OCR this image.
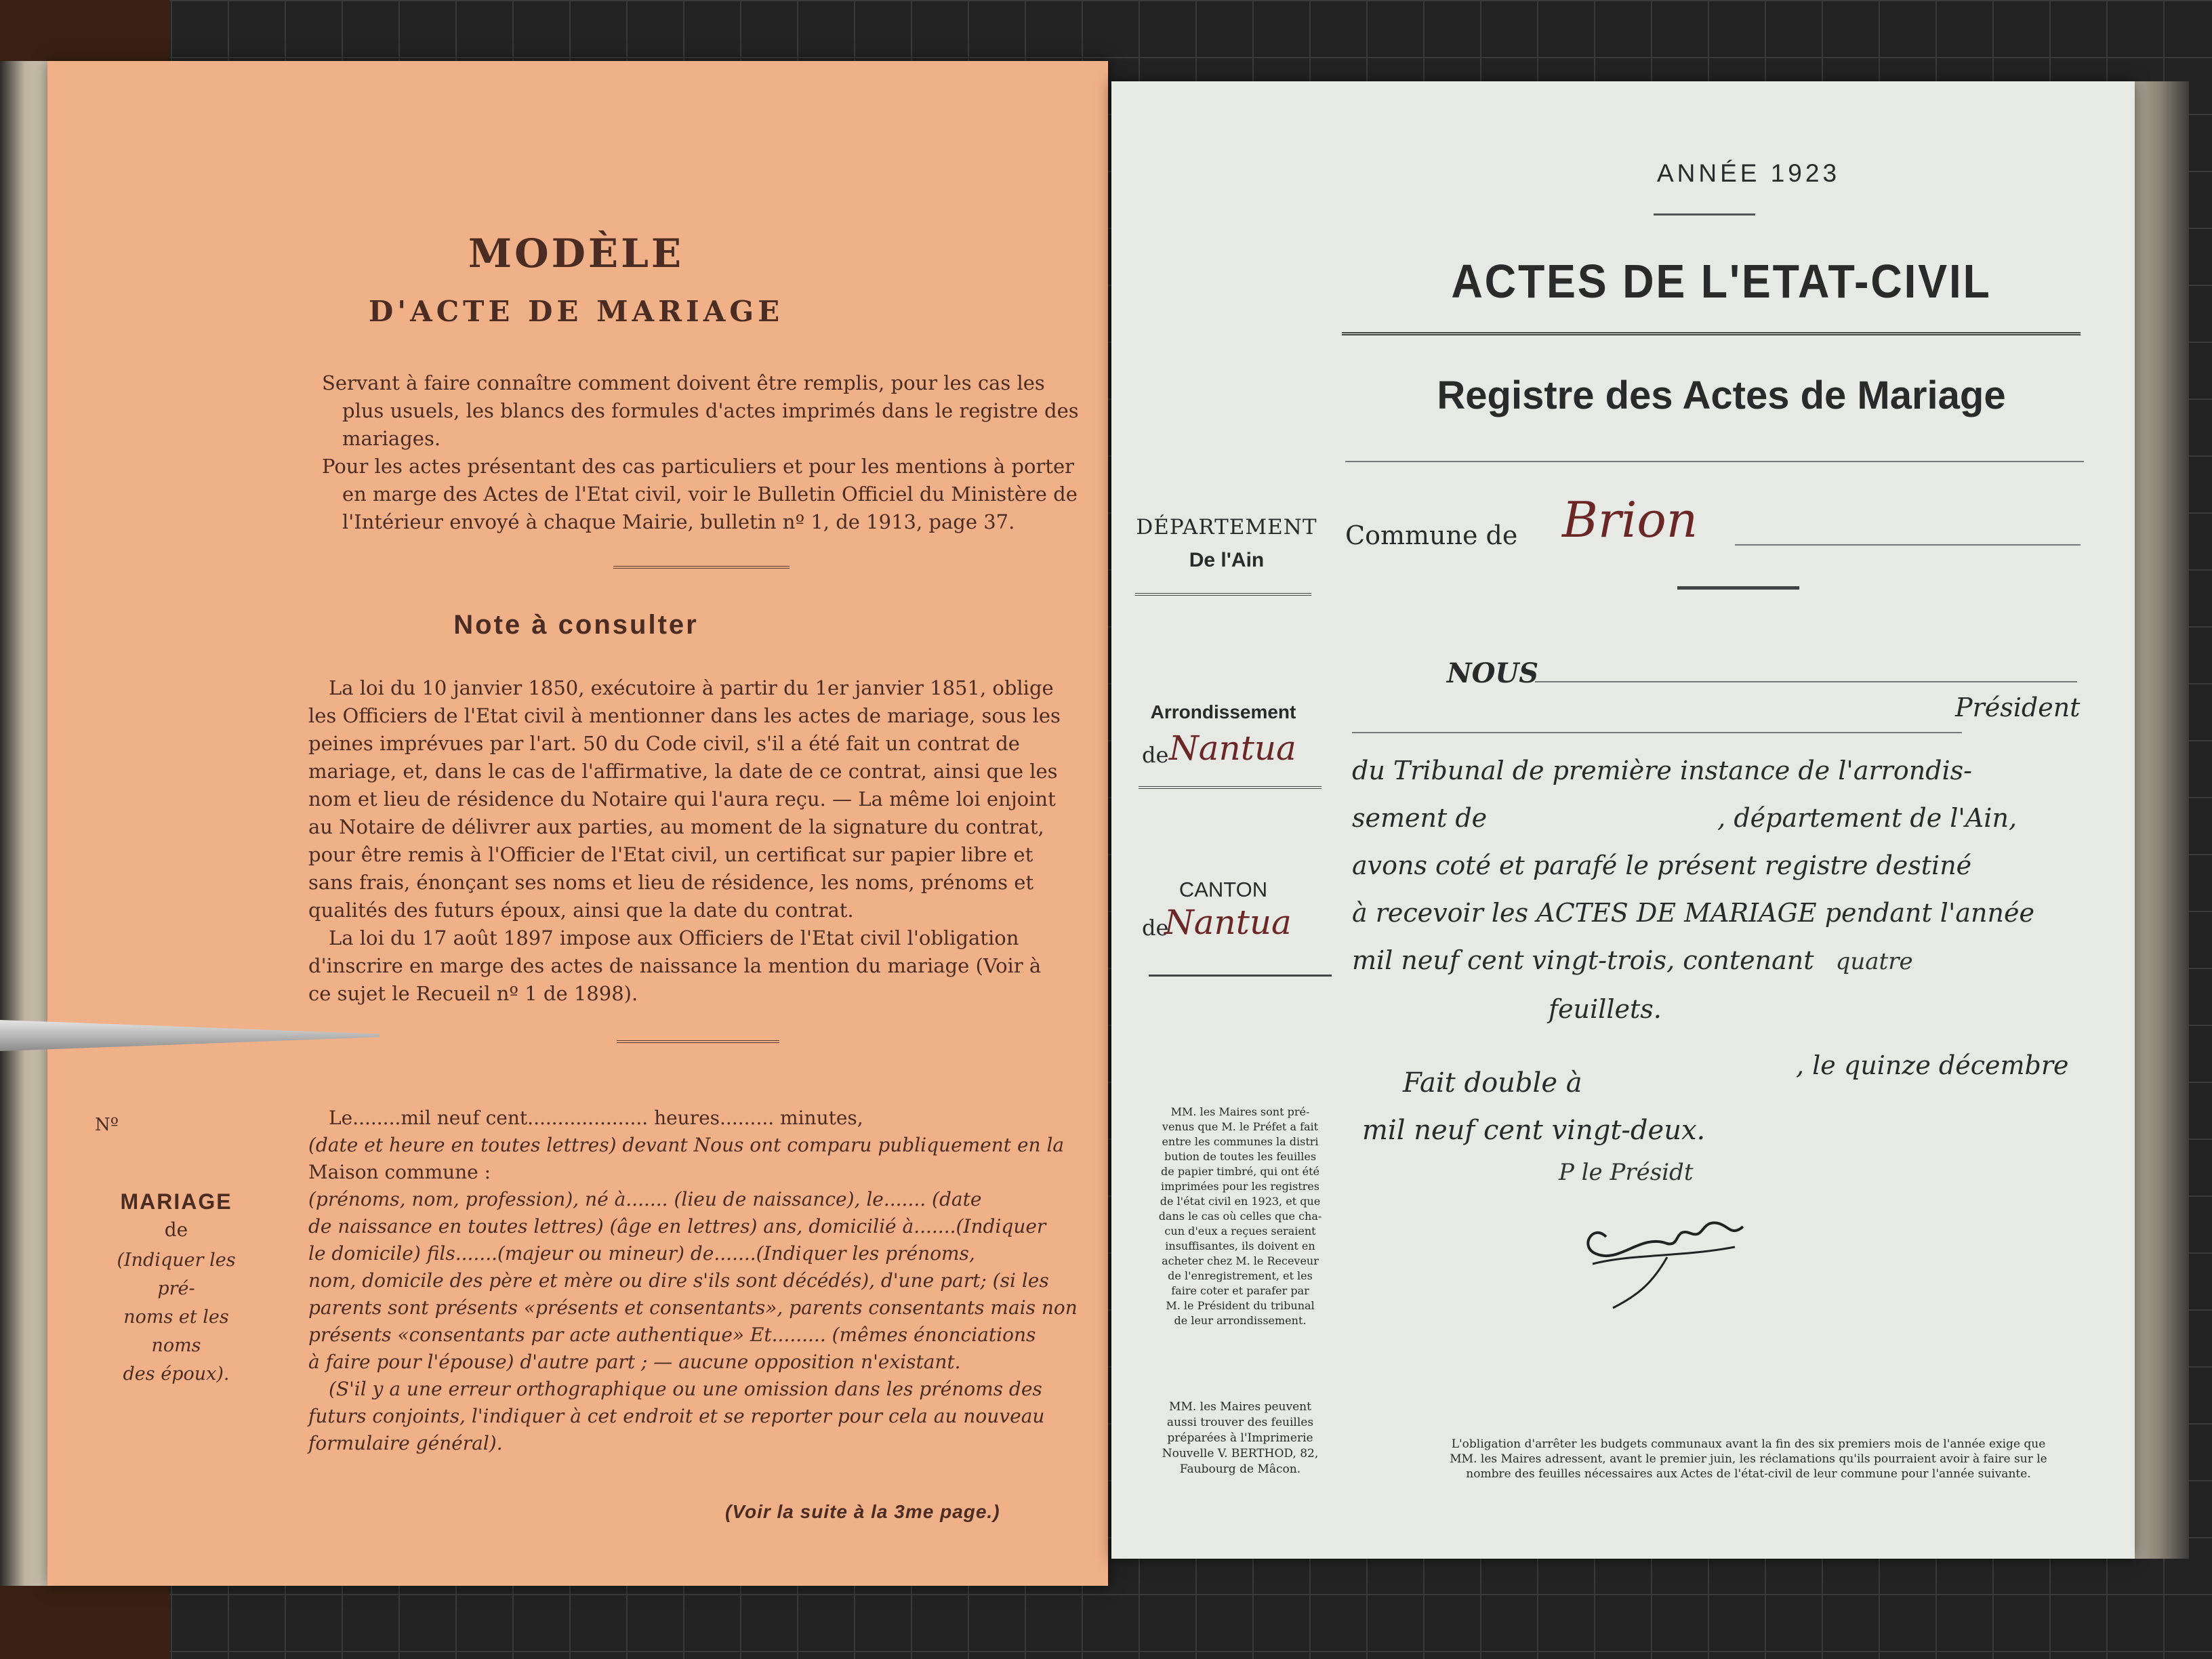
MODÈLE
D'ACTE DE MARIAGE

Servant à faire connaître comment doivent être remplis, pour les cas les

plus usuels, les blancs des formules d'actes imprimés dans le registre des

mariages.

Pour les actes présentant des cas particuliers et pour les mentions à porter

en marge des Actes de l'Etat civil, voir le Bulletin Officiel du Ministère de

l'Intérieur envoyé à chaque Mairie, bulletin nº 1, de 1913, page 37.

Note à consulter

La loi du 10 janvier 1850, exécutoire à partir du 1er janvier 1851, oblige

les Officiers de l'Etat civil à mentionner dans les actes de mariage, sous les

peines imprévues par l'art. 50 du Code civil, s'il a été fait un contrat de

mariage, et, dans le cas de l'affirmative, la date de ce contrat, ainsi que les

nom et lieu de résidence du Notaire qui l'aura reçu. — La même loi enjoint

au Notaire de délivrer aux parties, au moment de la signature du contrat,

pour être remis à l'Officier de l'Etat civil, un certificat sur papier libre et

sans frais, énonçant ses noms et lieu de résidence, les noms, prénoms et

qualités des futurs époux, ainsi que la date du contrat.

La loi du 17 août 1897 impose aux Officiers de l'Etat civil l'obligation

d'inscrire en marge des actes de naissance la mention du mariage (Voir à

ce sujet le Recueil nº 1 de 1898).

Nº
MARIAGE
de
(Indiquer les pré-
noms et les noms
des époux).

Le........mil neuf cent.................... heures......... minutes,

(date et heure en toutes lettres) devant Nous ont comparu publiquement en la

Maison commune :

(prénoms, nom, profession), né à....... (lieu de naissance), le....... (date

de naissance en toutes lettres) (âge en lettres) ans, domicilié à.......(Indiquer

le domicile) fils.......(majeur ou mineur) de.......(Indiquer les prénoms,

nom, domicile des père et mère ou dire s'ils sont décédés), d'une part; (si les

parents sont présents «présents et consentants», parents consentants mais non

présents «consentants par acte authentique» Et......... (mêmes énonciations

à faire pour l'épouse) d'autre part ; — aucune opposition n'existant.

(S'il y a une erreur orthographique ou une omission dans les prénoms des

futurs conjoints, l'indiquer à cet endroit et se reporter pour cela au nouveau

formulaire général).

(Voir la suite à la 3me page.)
ANNÉE 1923
ACTES DE L'ETAT-CIVIL
Registre des Actes de Mariage
DÉPARTEMENT
De l'Ain
Arrondissement
de Nantua
CANTON
de
Nantua
MM. les Maires sont pré-
venus que M. le Préfet a fait
entre les communes la distri
bution de toutes les feuilles
de papier timbré, qui ont été
imprimées pour les registres
de l'état civil en 1923, et que
dans le cas où celles que cha-
cun d'eux a reçues seraient
insuffisantes, ils doivent en
acheter chez M. le Receveur
de l'enregistrement, et les
faire coter et parafer par
M. le Président du tribunal
de leur arrondissement.
MM. les Maires peuvent
aussi trouver des feuilles
préparées à l'Imprimerie
Nouvelle V. BERTHOD, 82,
Faubourg de Mâcon.
Commune de Brion
NOUS
Président
du Tribunal de première instance de l'arrondis-
sement de	, département de l'Ain,
avons coté et parafé le présent registre destiné
à recevoir les ACTES DE MARIAGE pendant l'année
mil neuf cent vingt-trois, contenant quatre
feuillets.
Fait double à
, le quinze décembre
mil neuf cent vingt-deux.
P le Présidt
L'obligation d'arrêter les budgets communaux avant la fin des six premiers mois de l'année exige que
MM. les Maires adressent, avant le premier juin, les réclamations qu'ils pourraient avoir à faire sur le
nombre des feuilles nécessaires aux Actes de l'état-civil de leur commune pour l'année suivante.
